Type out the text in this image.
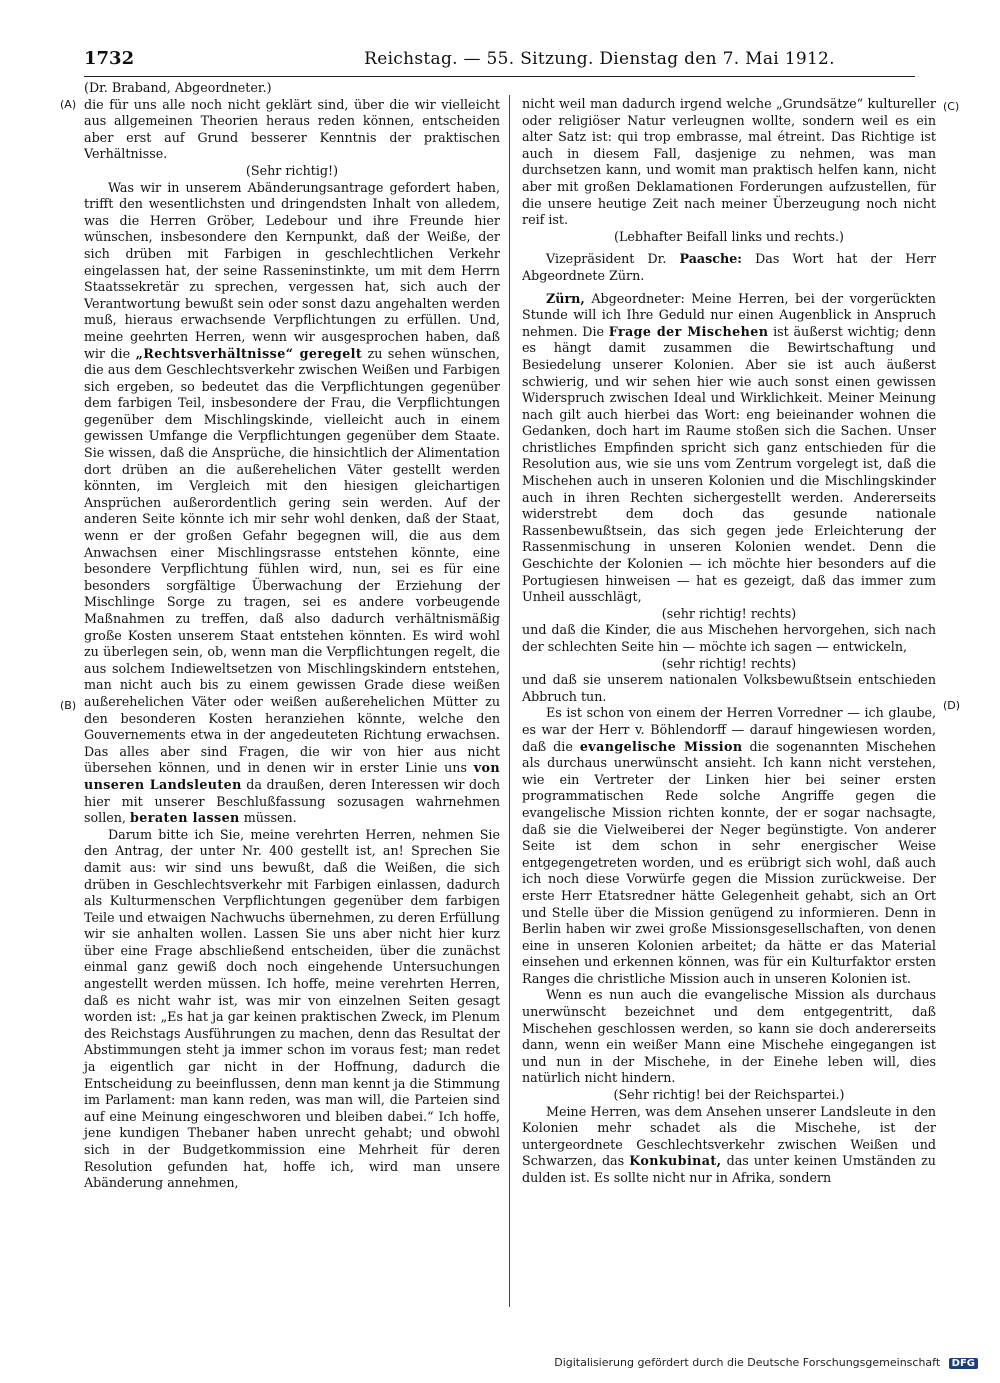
1732	Reichstag. — 55. Sitzung. Dienstag den 7. Mai 1912.
(A)
(B)
(C)
(D)

(Dr. Braband, Abgeordneter.)

die für uns alle noch nicht geklärt sind, über die wir vielleicht aus allgemeinen Theorien heraus reden können, entscheiden aber erst auf Grund besserer Kenntnis der praktischen Verhältnisse.

(Sehr richtig!)

Was wir in unserem Abänderungsantrage gefordert haben, trifft den wesentlichsten und dringendsten Inhalt von alledem, was die Herren Gröber, Ledebour und ihre Freunde hier wünschen, insbesondere den Kernpunkt, daß der Weiße, der sich drüben mit Farbigen in geschlechtlichen Verkehr eingelassen hat, der seine Rasseninstinkte, um mit dem Herrn Staatssekretär zu sprechen, vergessen hat, sich auch der Verantwortung bewußt sein oder sonst dazu angehalten werden muß, hieraus erwachsende Verpflichtungen zu erfüllen. Und, meine geehrten Herren, wenn wir ausgesprochen haben, daß wir die „Rechtsverhältnisse“ geregelt zu sehen wünschen, die aus dem Geschlechtsverkehr zwischen Weißen und Farbigen sich ergeben, so bedeutet das die Verpflichtungen gegenüber dem farbigen Teil, insbesondere der Frau, die Verpflichtungen gegenüber dem Mischlingskinde, vielleicht auch in einem gewissen Umfange die Verpflichtungen gegenüber dem Staate. Sie wissen, daß die Ansprüche, die hinsichtlich der Alimentation dort drüben an die außerehelichen Väter gestellt werden könnten, im Vergleich mit den hiesigen gleichartigen Ansprüchen außerordentlich gering sein werden. Auf der anderen Seite könnte ich mir sehr wohl denken, daß der Staat, wenn er der großen Gefahr begegnen will, die aus dem Anwachsen einer Mischlingsrasse entstehen könnte, eine besondere Verpflichtung fühlen wird, nun, sei es für eine besonders sorgfältige Überwachung der Erziehung der Mischlinge Sorge zu tragen, sei es andere vorbeugende Maßnahmen zu treffen, daß also dadurch verhältnismäßig große Kosten unserem Staat entstehen könnten. Es wird wohl zu überlegen sein, ob, wenn man die Verpflichtungen regelt, die aus solchem Indieweltsetzen von Mischlingskindern entstehen, man nicht auch bis zu einem gewissen Grade diese weißen außerehelichen Väter oder weißen außerehelichen Mütter zu den besonderen Kosten heranziehen könnte, welche den Gouvernements etwa in der angedeuteten Richtung erwachsen. Das alles aber sind Fragen, die wir von hier aus nicht übersehen können, und in denen wir in erster Linie uns von unseren Landsleuten da draußen, deren Interessen wir doch hier mit unserer Beschlußfassung sozusagen wahrnehmen sollen, beraten lassen müssen.

Darum bitte ich Sie, meine verehrten Herren, nehmen Sie den Antrag, der unter Nr. 400 gestellt ist, an! Sprechen Sie damit aus: wir sind uns bewußt, daß die Weißen, die sich drüben in Geschlechtsverkehr mit Farbigen einlassen, dadurch als Kulturmenschen Verpflichtungen gegenüber dem farbigen Teile und etwaigen Nachwuchs übernehmen, zu deren Erfüllung wir sie anhalten wollen. Lassen Sie uns aber nicht hier kurz über eine Frage abschließend entscheiden, über die zunächst einmal ganz gewiß doch noch eingehende Untersuchungen angestellt werden müssen. Ich hoffe, meine verehrten Herren, daß es nicht wahr ist, was mir von einzelnen Seiten gesagt worden ist: „Es hat ja gar keinen praktischen Zweck, im Plenum des Reichstags Ausführungen zu machen, denn das Resultat der Abstimmungen steht ja immer schon im voraus fest; man redet ja eigentlich gar nicht in der Hoffnung, dadurch die Entscheidung zu beeinflussen, denn man kennt ja die Stimmung im Parlament: man kann reden, was man will, die Parteien sind auf eine Meinung eingeschworen und bleiben dabei.“ Ich hoffe, jene kundigen Thebaner haben unrecht gehabt; und obwohl sich in der Budgetkommission eine Mehrheit für deren Resolution gefunden hat, hoffe ich, wird man unsere Abänderung annehmen,

nicht weil man dadurch irgend welche „Grundsätze“ kultureller oder religiöser Natur verleugnen wollte, sondern weil es ein alter Satz ist: qui trop embrasse, mal étreint. Das Richtige ist auch in diesem Fall, dasjenige zu nehmen, was man durchsetzen kann, und womit man praktisch helfen kann, nicht aber mit großen Deklamationen Forderungen aufzustellen, für die unsere heutige Zeit nach meiner Überzeugung noch nicht reif ist.

(Lebhafter Beifall links und rechts.)

Vizepräsident Dr. Paasche: Das Wort hat der Herr Abgeordnete Zürn.

Zürn, Abgeordneter: Meine Herren, bei der vorgerückten Stunde will ich Ihre Geduld nur einen Augenblick in Anspruch nehmen. Die Frage der Mischehen ist äußerst wichtig; denn es hängt damit zusammen die Bewirtschaftung und Besiedelung unserer Kolonien. Aber sie ist auch äußerst schwierig, und wir sehen hier wie auch sonst einen gewissen Widerspruch zwischen Ideal und Wirklichkeit. Meiner Meinung nach gilt auch hierbei das Wort: eng beieinander wohnen die Gedanken, doch hart im Raume stoßen sich die Sachen. Unser christliches Empfinden spricht sich ganz entschieden für die Resolution aus, wie sie uns vom Zentrum vorgelegt ist, daß die Mischehen auch in unseren Kolonien und die Mischlingskinder auch in ihren Rechten sichergestellt werden. Andererseits widerstrebt dem doch das gesunde nationale Rassenbewußtsein, das sich gegen jede Erleichterung der Rassenmischung in unseren Kolonien wendet. Denn die Geschichte der Kolonien — ich möchte hier besonders auf die Portugiesen hinweisen — hat es gezeigt, daß das immer zum Unheil ausschlägt,

(sehr richtig! rechts)

und daß die Kinder, die aus Mischehen hervorgehen, sich nach der schlechten Seite hin — möchte ich sagen — entwickeln,

(sehr richtig! rechts)

und daß sie unserem nationalen Volksbewußtsein entschieden Abbruch tun.

Es ist schon von einem der Herren Vorredner — ich glaube, es war der Herr v. Böhlendorff — darauf hingewiesen worden, daß die evangelische Mission die sogenannten Mischehen als durchaus unerwünscht ansieht. Ich kann nicht verstehen, wie ein Vertreter der Linken hier bei seiner ersten programmatischen Rede solche Angriffe gegen die evangelische Mission richten konnte, der er sogar nachsagte, daß sie die Vielweiberei der Neger begünstigte. Von anderer Seite ist dem schon in sehr energischer Weise entgegengetreten worden, und es erübrigt sich wohl, daß auch ich noch diese Vorwürfe gegen die Mission zurückweise. Der erste Herr Etatsredner hätte Gelegenheit gehabt, sich an Ort und Stelle über die Mission genügend zu informieren. Denn in Berlin haben wir zwei große Missionsgesellschaften, von denen eine in unseren Kolonien arbeitet; da hätte er das Material einsehen und erkennen können, was für ein Kulturfaktor ersten Ranges die christliche Mission auch in unseren Kolonien ist.

Wenn es nun auch die evangelische Mission als durchaus unerwünscht bezeichnet und dem entgegentritt, daß Mischehen geschlossen werden, so kann sie doch andererseits dann, wenn ein weißer Mann eine Mischehe eingegangen ist und nun in der Mischehe, in der Einehe leben will, dies natürlich nicht hindern.

(Sehr richtig! bei der Reichspartei.)

Meine Herren, was dem Ansehen unserer Landsleute in den Kolonien mehr schadet als die Mischehe, ist der untergeordnete Geschlechtsverkehr zwischen Weißen und Schwarzen, das Konkubinat, das unter keinen Umständen zu dulden ist. Es sollte nicht nur in Afrika, sondern

Digitalisierung gefördert durch die Deutsche Forschungsgemeinschaft DFG
